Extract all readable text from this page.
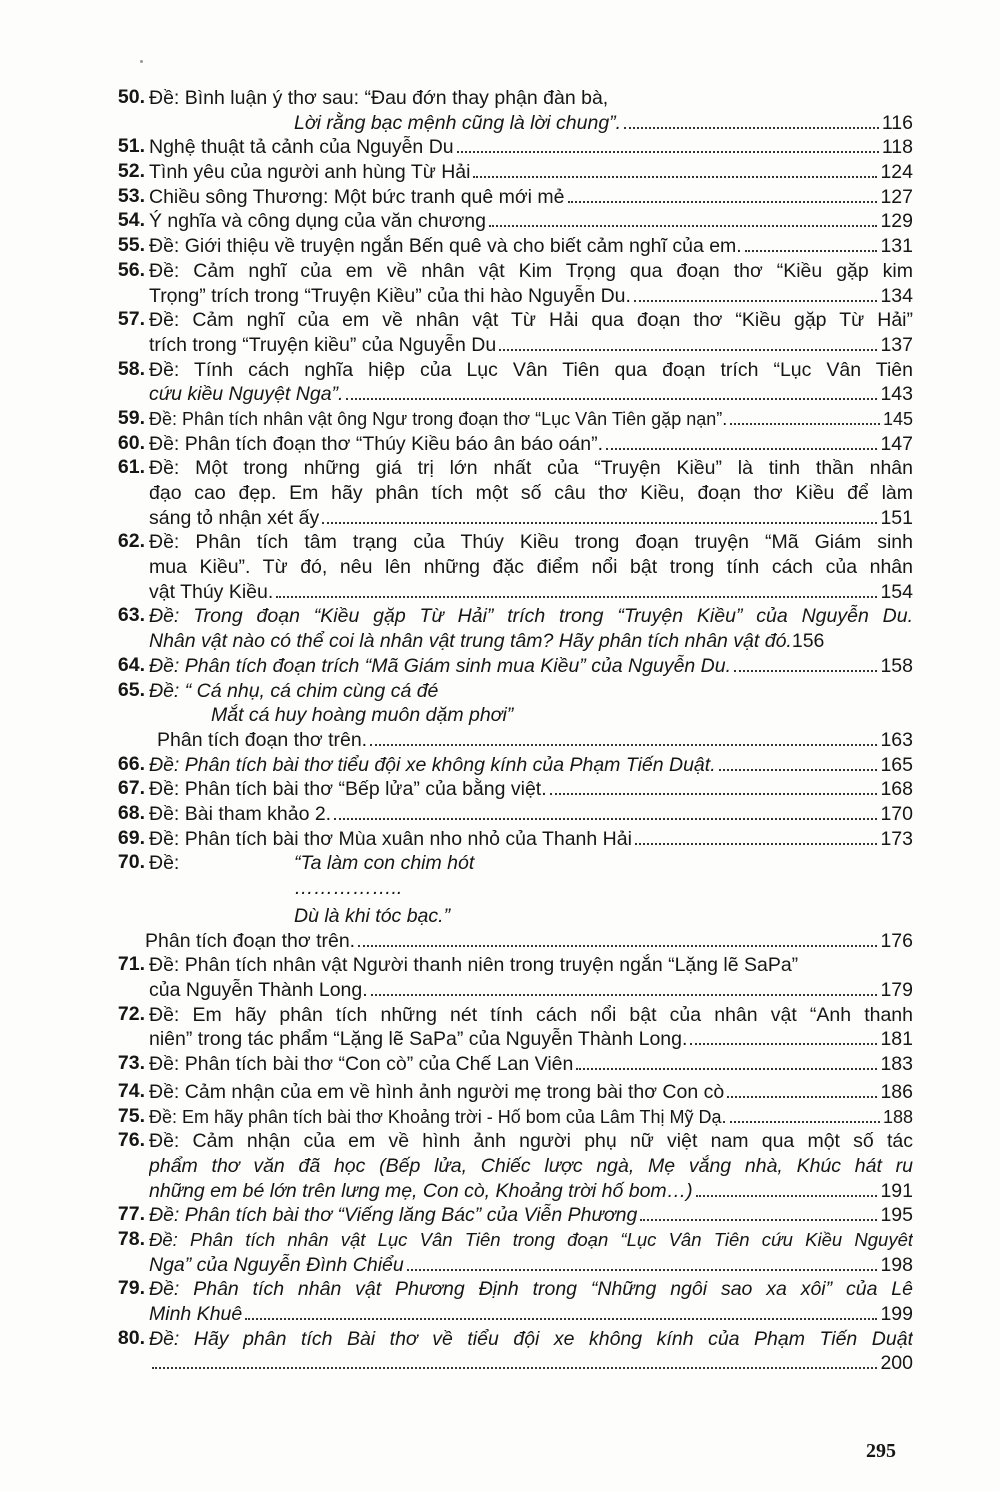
50. Đề: Bình luận ý thơ sau: “Đau đớn thay phận đàn bà,
Lời rằng bạc mệnh cũng là lời chung”.	116
51. Nghệ thuật tả cảnh của Nguyễn Du	118
52. Tình yêu của người anh hùng Từ Hải	124
53. Chiều sông Thương: Một bức tranh quê mới mẻ	127
54. Ý nghĩa và công dụng của văn chương	129
55. Đề: Giới thiệu về truyện ngắn Bến quê và cho biết cảm nghĩ của em.	131
56. Đề: Cảm nghĩ của em về nhân vật Kim Trọng qua đoạn thơ “Kiều gặp kim
Trọng” trích trong “Truyện Kiều” của thi hào Nguyễn Du.	134
57. Đề: Cảm nghĩ của em về nhân vật Từ Hải qua đoạn thơ “Kiều gặp Từ Hải”
trích trong “Truyện kiều” của Nguyễn Du	137
58. Đề: Tính cách nghĩa hiệp của Lục Vân Tiên qua đoạn trích “Lục Vân Tiên
cứu kiều Nguyệt Nga”.	143
59. Đề: Phân tích nhân vật ông Ngư trong đoạn thơ “Lục Vân Tiên gặp nạn”.	145
60. Đề: Phân tích đoạn thơ “Thúy Kiều báo ân báo oán”.	147
61. Đề: Một trong những giá trị lớn nhất của “Truyện Kiều” là tinh thần nhân
đạo cao đẹp. Em hãy phân tích một số câu thơ Kiều, đoạn thơ Kiều để làm
sáng tỏ nhận xét ấy	151
62. Đề: Phân tích tâm trạng của Thúy Kiều trong đoạn truyện “Mã Giám sinh
mua Kiều”. Từ đó, nêu lên những đặc điểm nổi bật trong tính cách của nhân
vật Thúy Kiều.	154
63. Đề: Trong đoạn “Kiều gặp Từ Hải” trích trong “Truyện Kiều” của Nguyễn Du.
Nhân vật nào có thể coi là nhân vật trung tâm? Hãy phân tích nhân vật đó. 156
64. Đề: Phân tích đoạn trích “Mã Giám sinh mua Kiều” của Nguyễn Du.	158
65. Đề: “ Cá nhụ, cá chim cùng cá đé
Mắt cá huy hoàng muôn dặm phơi”
Phân tích đoạn thơ trên.	163
66. Đề: Phân tích bài thơ tiểu đội xe không kính của Phạm Tiến Duật.	165
67. Đề: Phân tích bài thơ “Bếp lửa” của bằng việt.	168
68. Đề: Bài tham khảo 2.	170
69. Đề: Phân tích bài thơ Mùa xuân nho nhỏ của Thanh Hải	173
70. Đề:	“Ta làm con chim hót
……………..
Dù là khi tóc bạc.”
Phân tích đoạn thơ trên.	176
71. Đề: Phân tích nhân vật Người thanh niên trong truyện ngắn “Lặng lẽ SaPa”
của Nguyễn Thành Long.	179
72. Đề: Em hãy phân tích những nét tính cách nổi bật của nhân vật “Anh thanh
niên” trong tác phẩm “Lặng lẽ SaPa” của Nguyễn Thành Long.	181
73. Đề: Phân tích bài thơ “Con cò” của Chế Lan Viên	183
74. Đề: Cảm nhận của em về hình ảnh người mẹ trong bài thơ Con cò	186
75. Đề: Em hãy phân tích bài thơ Khoảng trời - Hố bom của Lâm Thị Mỹ Dạ.	188
76. Đề: Cảm nhận của em về hình ảnh người phụ nữ việt nam qua một số tác
phẩm thơ văn đã học (Bếp lửa, Chiếc lược ngà, Mẹ vắng nhà, Khúc hát ru
những em bé lớn trên lưng mẹ, Con cò, Khoảng trời hố bom…)	191
77. Đề: Phân tích bài thơ “Viếng lăng Bác” của Viễn Phương	195
78. Đề: Phân tích nhân vật Lục Vân Tiên trong đoạn “Lục Vân Tiên cứu Kiều Nguyêt
Nga” của Nguyễn Đình Chiểu	198
79. Đề: Phân tích nhân vật Phương Định trong “Những ngôi sao xa xôi” của Lê
Minh Khuê	199
80. Đề: Hãy phân tích Bài thơ về tiểu đội xe không kính của Phạm Tiến Duật
200
295
